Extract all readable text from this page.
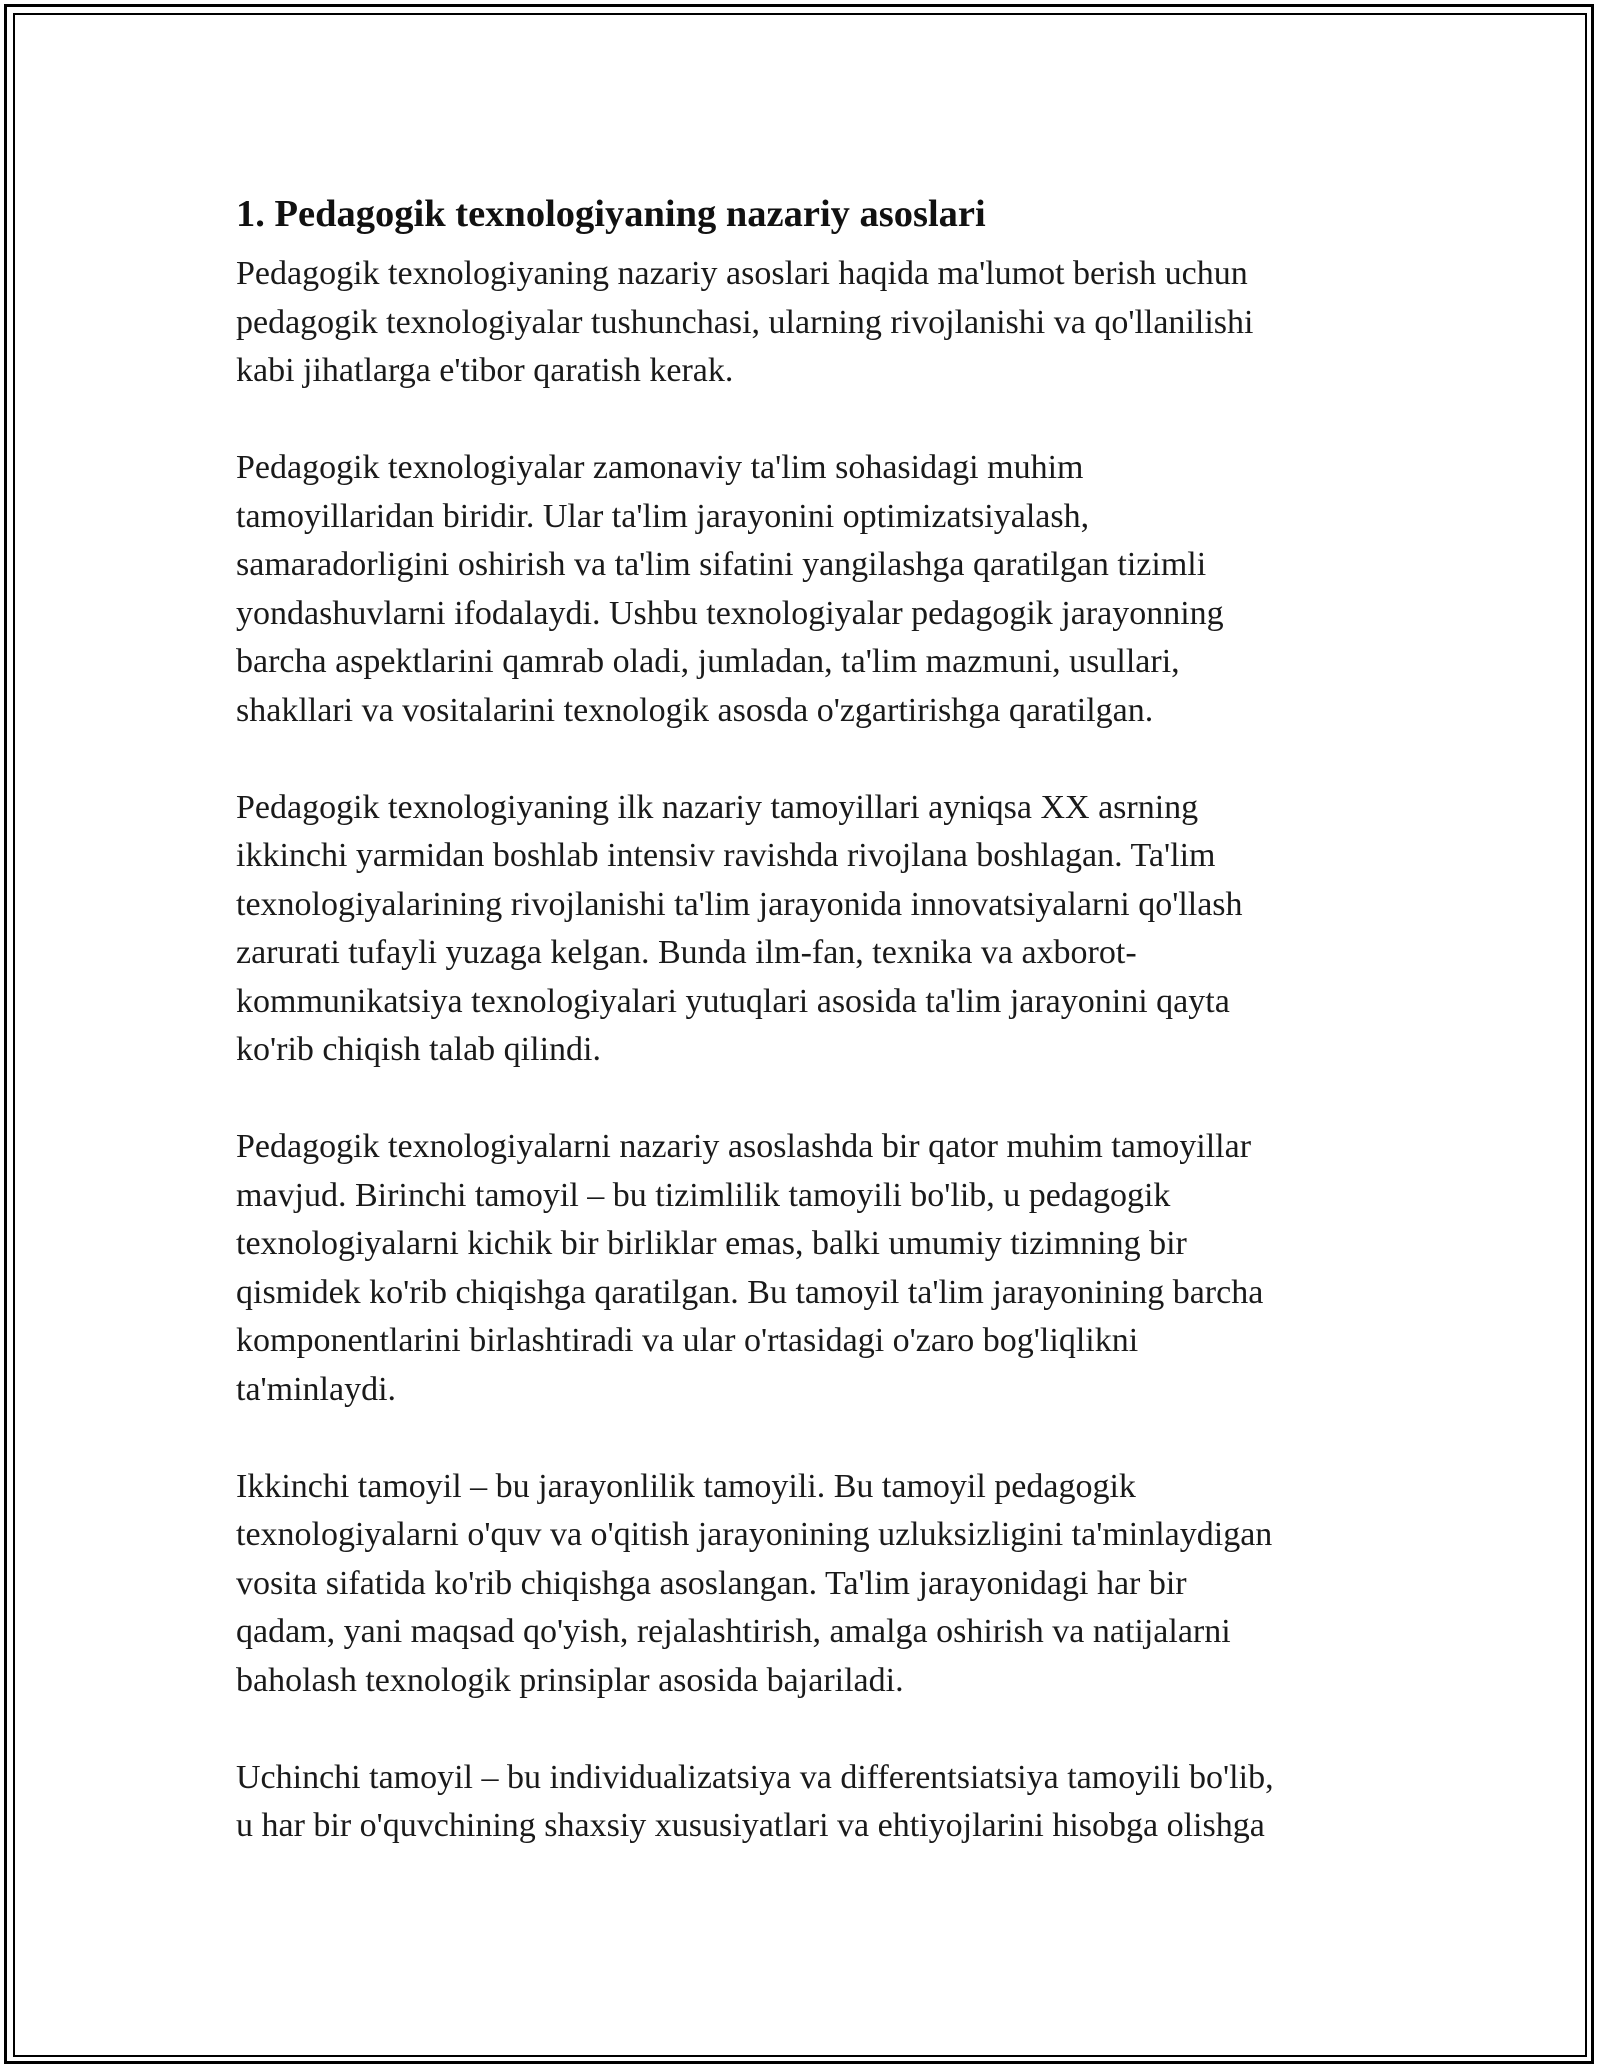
1. Pedagogik texnologiyaning nazariy asoslari

Pedagogik texnologiyaning nazariy asoslari haqida ma'lumot berish uchun
pedagogik texnologiyalar tushunchasi, ularning rivojlanishi va qo'llanilishi
kabi jihatlarga e'tibor qaratish kerak.

Pedagogik texnologiyalar zamonaviy ta'lim sohasidagi muhim
tamoyillaridan biridir. Ular ta'lim jarayonini optimizatsiyalash,
samaradorligini oshirish va ta'lim sifatini yangilashga qaratilgan tizimli
yondashuvlarni ifodalaydi. Ushbu texnologiyalar pedagogik jarayonning
barcha aspektlarini qamrab oladi, jumladan, ta'lim mazmuni, usullari,
shakllari va vositalarini texnologik asosda o'zgartirishga qaratilgan.

Pedagogik texnologiyaning ilk nazariy tamoyillari ayniqsa XX asrning
ikkinchi yarmidan boshlab intensiv ravishda rivojlana boshlagan. Ta'lim
texnologiyalarining rivojlanishi ta'lim jarayonida innovatsiyalarni qo'llash
zarurati tufayli yuzaga kelgan. Bunda ilm-fan, texnika va axborot-
kommunikatsiya texnologiyalari yutuqlari asosida ta'lim jarayonini qayta
ko'rib chiqish talab qilindi.

Pedagogik texnologiyalarni nazariy asoslashda bir qator muhim tamoyillar
mavjud. Birinchi tamoyil – bu tizimlilik tamoyili bo'lib, u pedagogik
texnologiyalarni kichik bir birliklar emas, balki umumiy tizimning bir
qismidek ko'rib chiqishga qaratilgan. Bu tamoyil ta'lim jarayonining barcha
komponentlarini birlashtiradi va ular o'rtasidagi o'zaro bog'liqlikni
ta'minlaydi.

Ikkinchi tamoyil – bu jarayonlilik tamoyili. Bu tamoyil pedagogik
texnologiyalarni o'quv va o'qitish jarayonining uzluksizligini ta'minlaydigan
vosita sifatida ko'rib chiqishga asoslangan. Ta'lim jarayonidagi har bir
qadam, yani maqsad qo'yish, rejalashtirish, amalga oshirish va natijalarni
baholash texnologik prinsiplar asosida bajariladi.

Uchinchi tamoyil – bu individualizatsiya va differentsiatsiya tamoyili bo'lib,
u har bir o'quvchining shaxsiy xususiyatlari va ehtiyojlarini hisobga olishga
